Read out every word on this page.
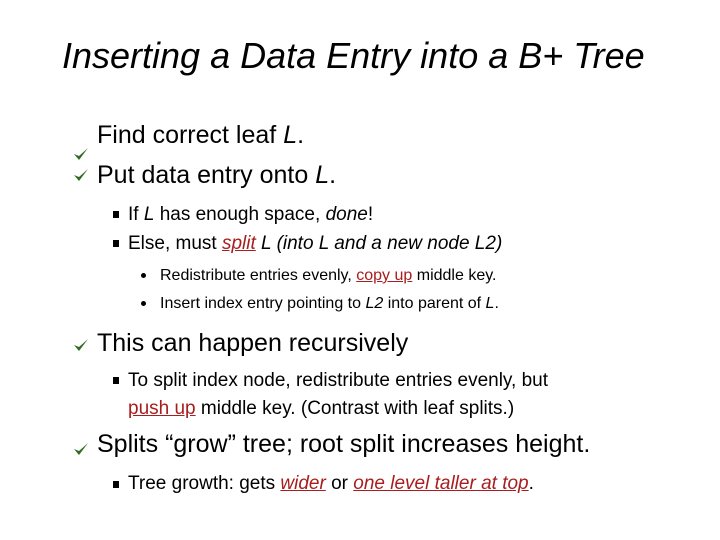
Inserting a Data Entry into a B+ Tree
Find correct leaf L.
Put data entry onto L.
If L has enough space, done!
Else, must split L (into L and a new node L2)
Redistribute entries evenly, copy up middle key.
Insert index entry pointing to L2 into parent of L.
This can happen recursively
To split index node, redistribute entries evenly, but
push up middle key. (Contrast with leaf splits.)
Splits “grow” tree; root split increases height.
Tree growth: gets wider or one level taller at top.
